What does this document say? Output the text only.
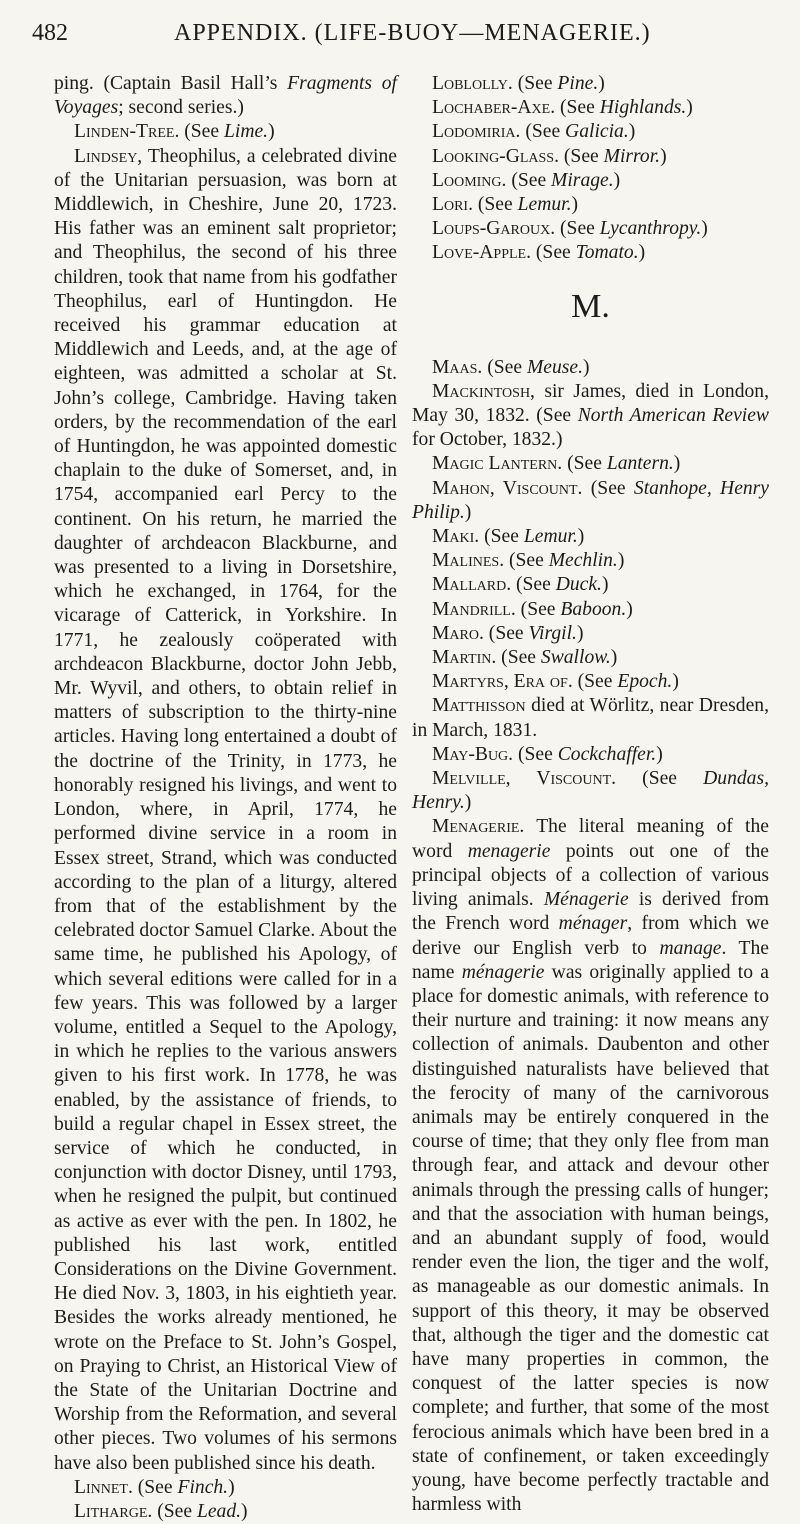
482	APPENDIX. (LIFE-BUOY—MENAGERIE.)

ping. (Captain Basil Hall’s Fragments of Voyages; second series.)

Linden-Tree. (See Lime.)

Lindsey, Theophilus, a celebrated divine of the Unitarian persuasion, was born at Middlewich, in Cheshire, June 20, 1723. His father was an eminent salt proprietor; and Theophilus, the second of his three children, took that name from his godfather Theophilus, earl of Huntingdon. He received his grammar education at Middlewich and Leeds, and, at the age of eighteen, was admitted a scholar at St. John’s college, Cambridge. Having taken orders, by the recommendation of the earl of Huntingdon, he was appointed domestic chaplain to the duke of Somerset, and, in 1754, accompanied earl Percy to the continent. On his return, he married the daughter of archdeacon Blackburne, and was presented to a living in Dorsetshire, which he exchanged, in 1764, for the vicarage of Catterick, in Yorkshire. In 1771, he zealously coöperated with archdeacon Blackburne, doctor John Jebb, Mr. Wyvil, and others, to obtain relief in matters of subscription to the thirty-nine articles. Having long entertained a doubt of the doctrine of the Trinity, in 1773, he honorably resigned his livings, and went to London, where, in April, 1774, he performed divine service in a room in Essex street, Strand, which was conducted according to the plan of a liturgy, altered from that of the establishment by the celebrated doctor Samuel Clarke. About the same time, he published his Apology, of which several editions were called for in a few years. This was followed by a larger volume, entitled a Sequel to the Apology, in which he replies to the various answers given to his first work. In 1778, he was enabled, by the assistance of friends, to build a regular chapel in Essex street, the service of which he conducted, in conjunction with doctor Disney, until 1793, when he resigned the pulpit, but continued as active as ever with the pen. In 1802, he published his last work, entitled Considerations on the Divine Government. He died Nov. 3, 1803, in his eightieth year. Besides the works already mentioned, he wrote on the Preface to St. John’s Gospel, on Praying to Christ, an Historical View of the State of the Unitarian Doctrine and Worship from the Reformation, and several other pieces. Two volumes of his sermons have also been published since his death.

Linnet. (See Finch.)

Litharge. (See Lead.)

Loblolly. (See Pine.)

Lochaber-Axe. (See Highlands.)

Lodomiria. (See Galicia.)

Looking-Glass. (See Mirror.)

Looming. (See Mirage.)

Lori. (See Lemur.)

Loups-Garoux. (See Lycanthropy.)

Love-Apple. (See Tomato.)

M.

Maas. (See Meuse.)

Mackintosh, sir James, died in London, May 30, 1832. (See North American Review for October, 1832.)

Magic Lantern. (See Lantern.)

Mahon, Viscount. (See Stanhope, Henry Philip.)

Maki. (See Lemur.)

Malines. (See Mechlin.)

Mallard. (See Duck.)

Mandrill. (See Baboon.)

Maro. (See Virgil.)

Martin. (See Swallow.)

Martyrs, Era of. (See Epoch.)

Matthisson died at Wörlitz, near Dresden, in March, 1831.

May-Bug. (See Cockchaffer.)

Melville, Viscount. (See Dundas, Henry.)

Menagerie. The literal meaning of the word menagerie points out one of the principal objects of a collection of various living animals. Ménagerie is derived from the French word ménager, from which we derive our English verb to manage. The name ménagerie was originally applied to a place for domestic animals, with reference to their nurture and training: it now means any collection of animals. Daubenton and other distinguished naturalists have believed that the ferocity of many of the carnivorous animals may be entirely conquered in the course of time; that they only flee from man through fear, and attack and devour other animals through the pressing calls of hunger; and that the association with human beings, and an abundant supply of food, would render even the lion, the tiger and the wolf, as manageable as our domestic animals. In support of this theory, it may be observed that, although the tiger and the domestic cat have many properties in common, the conquest of the latter species is now complete; and further, that some of the most ferocious animals which have been bred in a state of confinement, or taken exceedingly young, have become perfectly tractable and harmless with
